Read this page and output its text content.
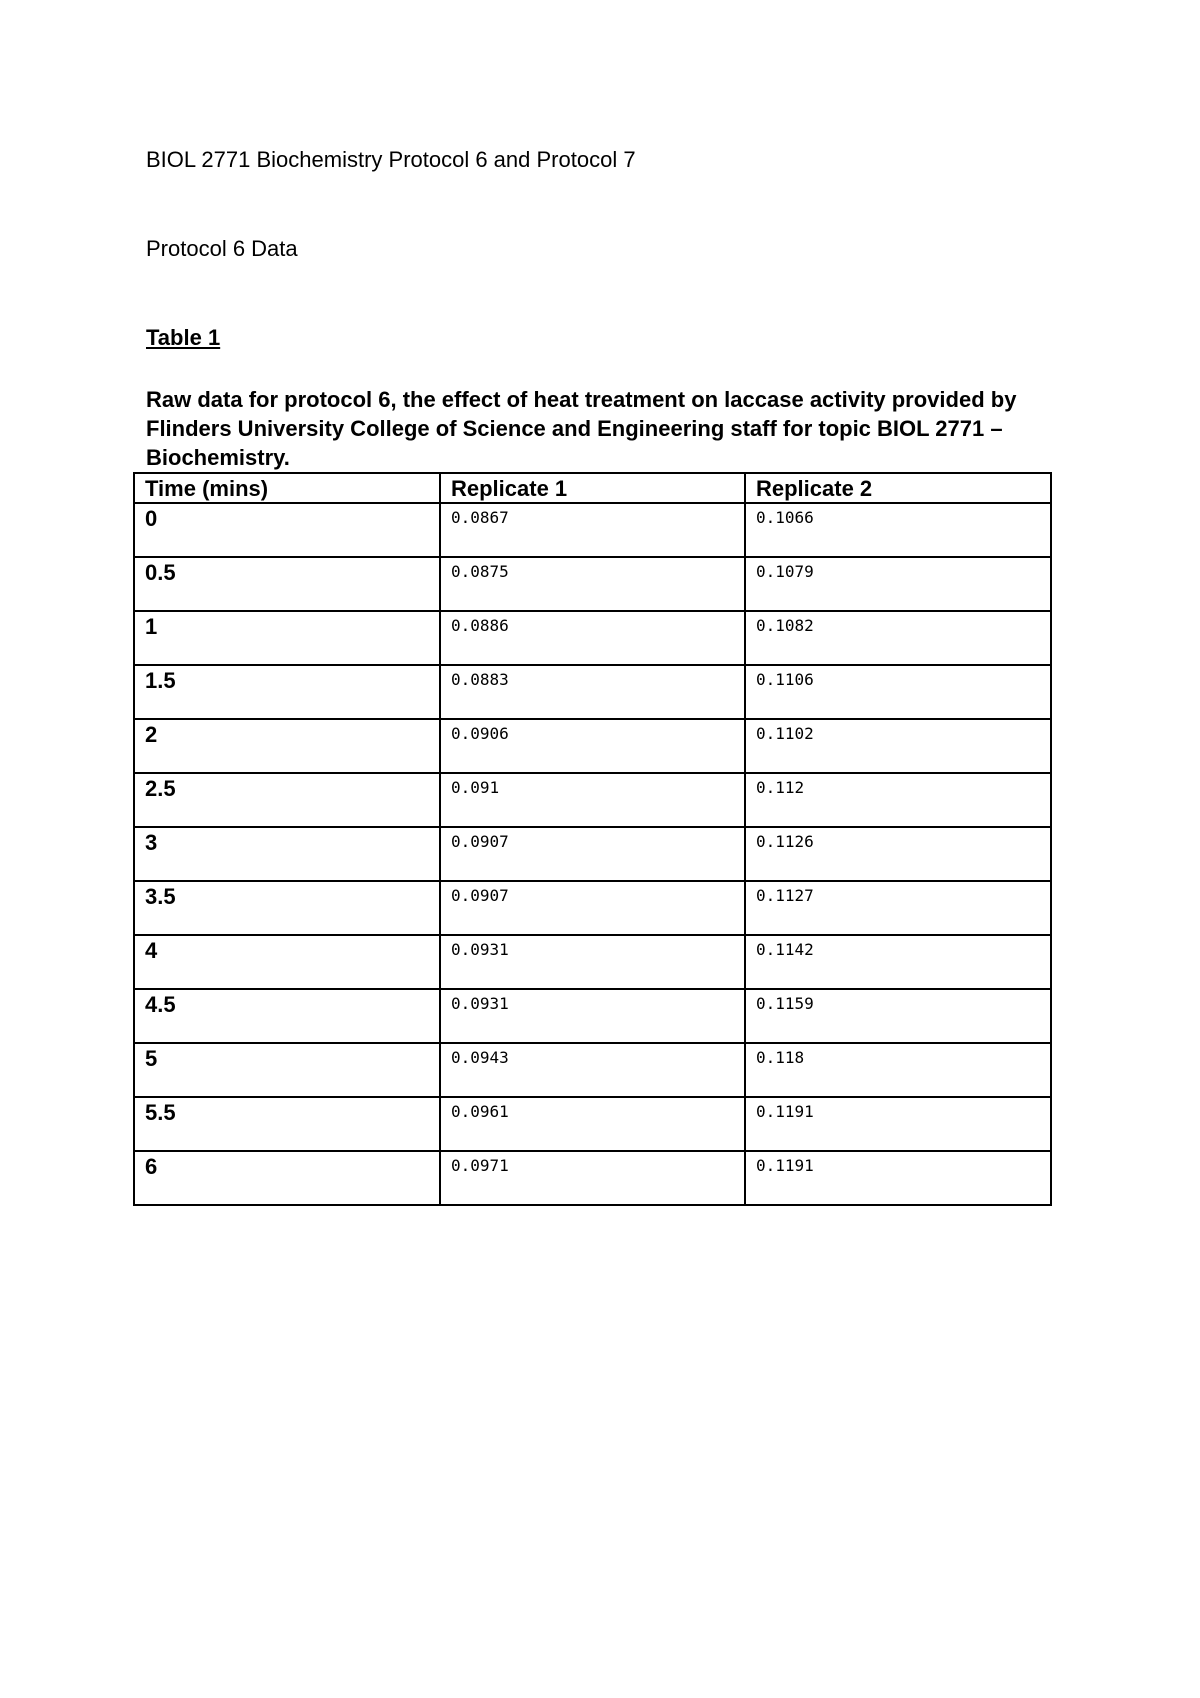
BIOL 2771 Biochemistry Protocol 6 and Protocol 7

Protocol 6 Data

Table 1

Raw data for protocol 6, the effect of heat treatment on laccase activity provided by Flinders University College of Science and Engineering staff for topic BIOL 2771 – Biochemistry.

Time (mins)	Replicate 1	Replicate 2
0	0.0867	0.1066
0.5	0.0875	0.1079
1	0.0886	0.1082
1.5	0.0883	0.1106
2	0.0906	0.1102
2.5	0.091	0.112
3	0.0907	0.1126
3.5	0.0907	0.1127
4	0.0931	0.1142
4.5	0.0931	0.1159
5	0.0943	0.118
5.5	0.0961	0.1191
6	0.0971	0.1191
